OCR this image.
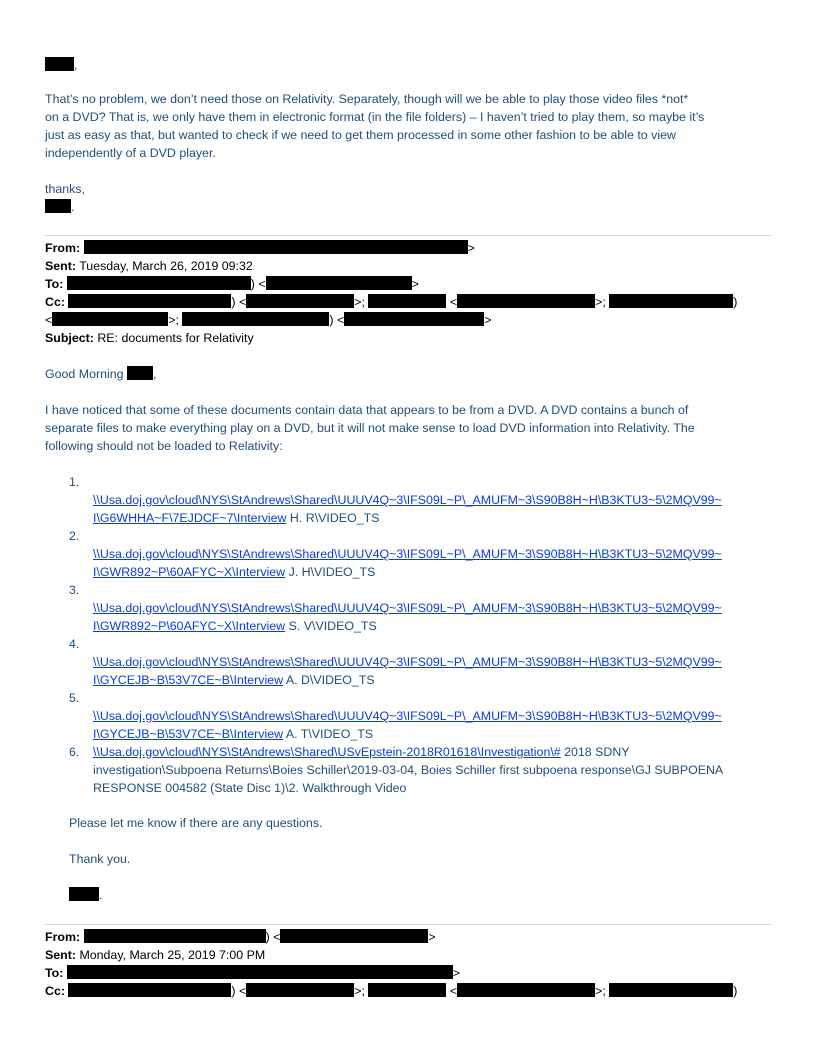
,
That’s no problem, we don’t need those on Relativity. Separately, though will we be able to play those video files *not*
on a DVD? That is, we only have them in electronic format (in the file folders) – I haven’t tried to play them, so maybe it’s
just as easy as that, but wanted to check if we need to get them processed in some other fashion to be able to view
independently of a DVD player.
thanks,
.
From:	>
Sent: Tuesday, March 26, 2019 09:32
To:	) <	>
Cc:	) <	>;	<	>;	)
<	>;	) <	>
Subject: RE: documents for Relativity
Good Morning ,
I have noticed that some of these documents contain data that appears to be from a DVD. A DVD contains a bunch of
separate files to make everything play on a DVD, but it will not make sense to load DVD information into Relativity. The
following should not be loaded to Relativity:
1.
\\Usa.doj.gov\cloud\NYS\StAndrews\Shared\UUUV4Q~3\IFS09L~P\_AMUFM~3\S90B8H~H\B3KTU3~5\2MQV99~
I\G6WHHA~F\7EJDCF~7\Interview H. R\VIDEO_TS
2.
\\Usa.doj.gov\cloud\NYS\StAndrews\Shared\UUUV4Q~3\IFS09L~P\_AMUFM~3\S90B8H~H\B3KTU3~5\2MQV99~
I\GWR892~P\60AFYC~X\Interview J. H\VIDEO_TS
3.
\\Usa.doj.gov\cloud\NYS\StAndrews\Shared\UUUV4Q~3\IFS09L~P\_AMUFM~3\S90B8H~H\B3KTU3~5\2MQV99~
I\GWR892~P\60AFYC~X\Interview S. V\VIDEO_TS
4.
\\Usa.doj.gov\cloud\NYS\StAndrews\Shared\UUUV4Q~3\IFS09L~P\_AMUFM~3\S90B8H~H\B3KTU3~5\2MQV99~
I\GYCEJB~B\53V7CE~B\Interview A. D\VIDEO_TS
5.
\\Usa.doj.gov\cloud\NYS\StAndrews\Shared\UUUV4Q~3\IFS09L~P\_AMUFM~3\S90B8H~H\B3KTU3~5\2MQV99~
I\GYCEJB~B\53V7CE~B\Interview A. T\VIDEO_TS
6. \\Usa.doj.gov\cloud\NYS\StAndrews\Shared\USvEpstein-2018R01618\Investigation\# 2018 SDNY
investigation\Subpoena Returns\Boies Schiller\2019-03-04, Boies Schiller first subpoena response\GJ SUBPOENA
RESPONSE 004582 (State Disc 1)\2. Walkthrough Video
Please let me know if there are any questions.
Thank you.
.
From:	) <	>
Sent: Monday, March 25, 2019 7:00 PM
To:	>
Cc:	) <	>;	<	>;	)
